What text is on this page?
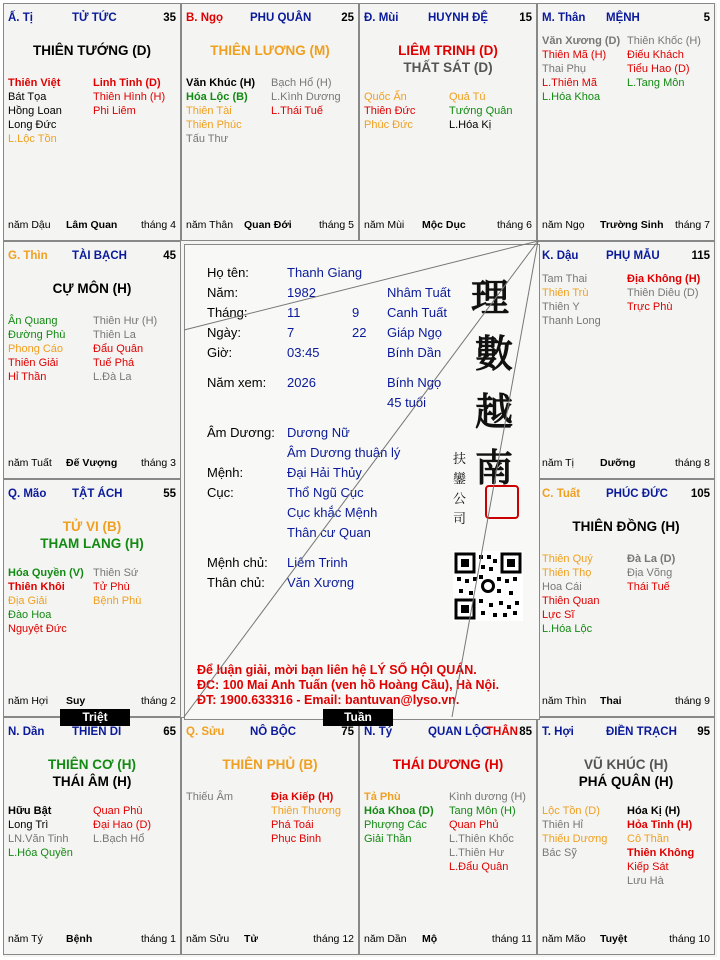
Ấ. Tị	TỬ TỨC	35
THIÊN TƯỚNG (D)
Thiên Việt
Bát Tọa
Hồng Loan
Long Đức
L.Lộc Tồn
Linh Tinh (D)
Thiên Hình (H)
Phi Liêm
năm Dậu Lâm Quan tháng 4
B. Ngọ PHU QUÂN	25
THIÊN LƯƠNG (M)
Văn Khúc (H)
Hóa Lộc (B)
Thiên Tài
Thiên Phúc
Tấu Thư
Bạch Hổ (H)
L.Kình Dương
L.Thái Tuế
năm Thân Quan Đới	tháng 5
Đ. Mùi	HUYNH ĐỆ	15
LIÊM TRINH (D)
THẤT SÁT (D)
Quốc Ấn
Thiên Đức
Phúc Đức
Quả Tú
Tướng Quân
L.Hóa Kị
năm Mùi Mộc Dục	tháng 6
M. Thân MỆNH	5
Văn Xương (D)
Thiên Mã (H)
Thai Phụ
L.Thiên Mã
L.Hóa Khoa
Thiên Khốc (H)
Điếu Khách
Tiểu Hao (D)
L.Tang Môn
năm Ngọ Trường Sinh tháng 7
G. Thìn TÀI BẠCH	45
CỰ MÔN (H)
Ân Quang
Đường Phù
Phong Cáo
Thiên Giải
Hỉ Thần
Thiên Hư (H)
Thiên La
Đẩu Quân
Tuế Phá
L.Đà La
năm Tuất Đế Vượng tháng 3
K. Dậu PHỤ MẪU	115
Tam Thai
Thiên Trù
Thiên Y
Thanh Long
Địa Không (H)
Thiên Diêu (D)
Trực Phù
năm Tị Dưỡng	tháng 8
Q. Mão TẬT ÁCH	55
TỬ VI (B)
THAM LANG (H)
Hóa Quyền (V)
Thiên Khôi
Địa Giải
Đào Hoa
Nguyệt Đức
Thiên Sứ
Tử Phù
Bệnh Phù
năm Hợi Suy	tháng 2
C. Tuất PHÚC ĐỨC 105
THIÊN ĐỒNG (H)
Thiên Quý
Thiên Thọ
Hoa Cái
Thiên Quan
Lực Sĩ
L.Hóa Lộc
Đà La (D)
Địa Võng
Thái Tuế
năm Thìn Thai	tháng 9
N. Dần THIÊN DI	65
THIÊN CƠ (H)
THÁI ÂM (H)
Hữu Bật
Long Trì
LN.Văn Tinh
L.Hóa Quyền
Quan Phù
Đại Hao (D)
L.Bạch Hổ
năm Tý Bệnh	tháng 1
Q. Sửu NÔ BỘC	75
THIÊN PHỦ (B)
Thiếu Âm	Địa Kiếp (H)
Thiên Thương
Phá Toái
Phục Binh
năm Sửu Tử	tháng 12
N. Tý	QUAN LỘC
THÂN 85
THÁI DƯƠNG (H)
Tả Phù
Hóa Khoa (D)
Phượng Các
Giải Thần
Kình dương (H)
Tang Môn (H)
Quan Phủ
L.Thiên Khốc
L.Thiên Hư
L.Đẩu Quân
năm Dần Mộ	tháng 11
T. Hợi	ĐIỀN TRẠCH 95
VŨ KHÚC (H)
PHÁ QUÂN (H)
Lộc Tồn (D)
Thiên Hỉ
Thiếu Dương
Bác Sỹ
Hóa Kị (H)
Hỏa Tinh (H)
Cô Thần
Thiên Không
Kiếp Sát
Lưu Hà
năm Mão Tuyệt	tháng 10
Họ tên:	Thanh Giang
Năm:	1982	Nhâm Tuất
Tháng:	11	9 Canh Tuất
Ngày:	7	22 Giáp Ngọ
Giờ:	03:45	Bính Dần
Năm xem: 2026	Bính Ngọ
45 tuổi
Âm Dương: Dương Nữ
Âm Dương thuận lý
Mệnh:	Đại Hải Thủy
Cục:	Thổ Ngũ Cục
Cục khắc Mệnh
Thân cư Quan
Mệnh chủ: Liêm Trinh
Thân chủ: Văn Xương
理
數
越
南
扶
鑾
公
司
Để luận giải, mời bạn liên hệ LÝ SỐ HỘI QUÁN.
ĐC: 100 Mai Anh Tuấn (ven hồ Hoàng Cầu), Hà Nội.
ĐT: 1900.633316 - Email: bantuvan@lyso.vn.
Triệt	Tuần
